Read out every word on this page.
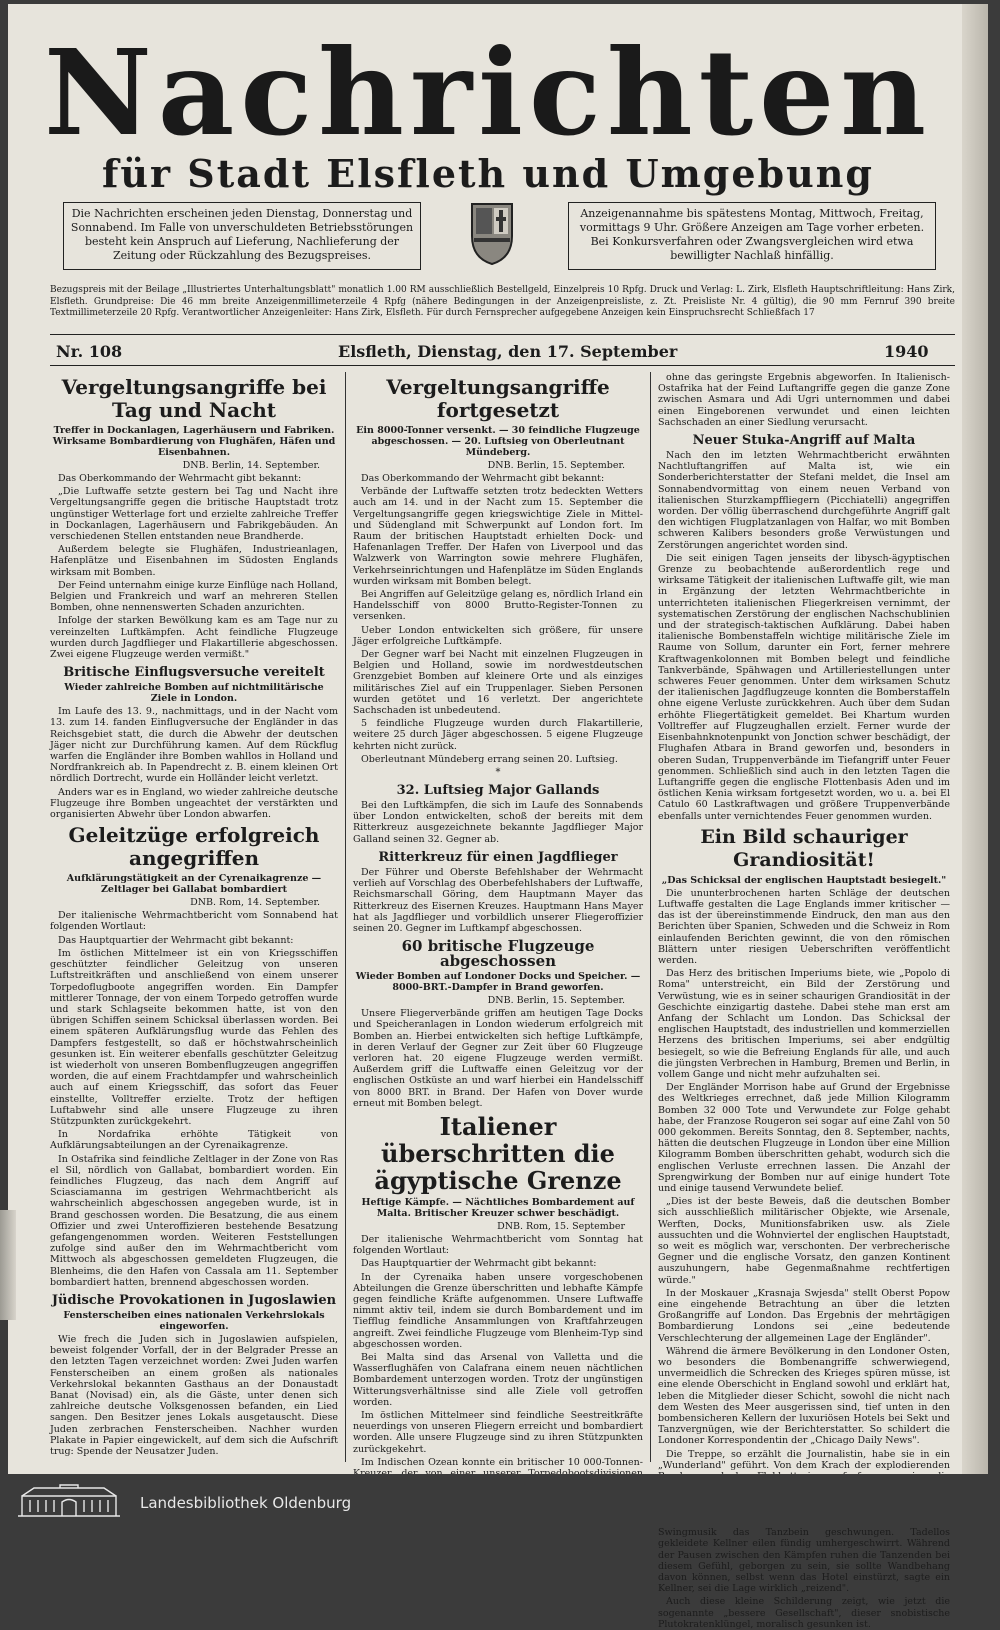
Nachrichten
für Stadt Elsfleth und Umgebung
Die Nachrichten erscheinen jeden Dienstag, Donnerstag und Sonnabend. Im Falle von unverschuldeten Betriebsstörungen besteht kein Anspruch auf Lieferung, Nachlieferung der Zeitung oder Rückzahlung des Bezugspreises.
Anzeigenannahme bis spätestens Montag, Mittwoch, Freitag, vormittags 9 Uhr. Größere Anzeigen am Tage vorher erbeten. Bei Konkursverfahren oder Zwangsvergleichen wird etwa bewilligter Nachlaß hinfällig.
Bezugspreis mit der Beilage „Illustriertes Unterhaltungsblatt" monatlich 1.00 RM ausschließlich Bestellgeld, Einzelpreis 10 Rpfg. Druck und Verlag: L. Zirk, Elsfleth Hauptschriftleitung: Hans Zirk, Elsfleth. Grundpreise: Die 46 mm breite Anzeigenmillimeterzeile 4 Rpfg (nähere Bedingungen in der Anzeigenpreisliste, z. Zt. Preisliste Nr. 4 gültig), die 90 mm Fernruf 390 breite Textmillimeterzeile 20 Rpfg. Verantwortlicher Anzeigenleiter: Hans Zirk, Elsfleth. Für durch Fernsprecher aufgegebene Anzeigen kein Einspruchsrecht Schließfach 17
Nr. 108	Elsfleth, Dienstag, den 17. September	1940
Vergeltungsangriffe bei Tag und Nacht
Treffer in Dockanlagen, Lagerhäusern und Fabriken. Wirksame Bombardierung von Flughäfen, Häfen und Eisenbahnen.
DNB. Berlin, 14. September.

Das Oberkommando der Wehrmacht gibt bekannt:

„Die Luftwaffe setzte gestern bei Tag und Nacht ihre Vergeltungsangriffe gegen die britische Hauptstadt trotz ungünstiger Wetterlage fort und erzielte zahlreiche Treffer in Dockanlagen, Lagerhäusern und Fabrikgebäuden. An verschiedenen Stellen entstanden neue Brandherde.

Außerdem belegte sie Flughäfen, Industrieanlagen, Hafenplätze und Eisenbahnen im Südosten Englands wirksam mit Bomben.

Der Feind unternahm einige kurze Einflüge nach Holland, Belgien und Frankreich und warf an mehreren Stellen Bomben, ohne nennenswerten Schaden anzurichten.

Infolge der starken Bewölkung kam es am Tage nur zu vereinzelten Luftkämpfen. Acht feindliche Flugzeuge wurden durch Jagdflieger und Flakartillerie abgeschossen. Zwei eigene Flugzeuge werden vermißt."

Britische Einflugsversuche vereitelt
Wieder zahlreiche Bomben auf nichtmilitärische Ziele in London.

Im Laufe des 13. 9., nachmittags, und in der Nacht vom 13. zum 14. fanden Einflugversuche der Engländer in das Reichsgebiet statt, die durch die Abwehr der deutschen Jäger nicht zur Durchführung kamen. Auf dem Rückflug warfen die Engländer ihre Bomben wahllos in Holland und Nordfrankreich ab. In Papendrecht z. B. einem kleinen Ort nördlich Dortrecht, wurde ein Holländer leicht verletzt.

Anders war es in England, wo wieder zahlreiche deutsche Flugzeuge ihre Bomben ungeachtet der verstärkten und organisierten Abwehr über London abwarfen.

Geleitzüge erfolgreich angegriffen
Aufklärungstätigkeit an der Cyrenaikagrenze — Zeltlager bei Gallabat bombardiert
DNB. Rom, 14. September.

Der italienische Wehrmachtbericht vom Sonnabend hat folgenden Wortlaut:

Das Hauptquartier der Wehrmacht gibt bekannt:

Im östlichen Mittelmeer ist ein von Kriegsschiffen geschützter feindlicher Geleitzug von unseren Luftstreitkräften und anschließend von einem unserer Torpedoflugboote angegriffen worden. Ein Dampfer mittlerer Tonnage, der von einem Torpedo getroffen wurde und stark Schlagseite bekommen hatte, ist von den übrigen Schiffen seinem Schicksal überlassen worden. Bei einem späteren Aufklärungsflug wurde das Fehlen des Dampfers festgestellt, so daß er höchstwahrscheinlich gesunken ist. Ein weiterer ebenfalls geschützter Geleitzug ist wiederholt von unseren Bombenflugzeugen angegriffen worden, die auf einem Frachtdampfer und wahrscheinlich auch auf einem Kriegsschiff, das sofort das Feuer einstellte, Volltreffer erzielte. Trotz der heftigen Luftabwehr sind alle unsere Flugzeuge zu ihren Stützpunkten zurückgekehrt.

In Nordafrika erhöhte Tätigkeit von Aufklärungsabteilungen an der Cyrenaikagrenze.

In Ostafrika sind feindliche Zeltlager in der Zone von Ras el Sil, nördlich von Gallabat, bombardiert worden. Ein feindliches Flugzeug, das nach dem Angriff auf Sciasciamanna im gestrigen Wehrmachtbericht als wahrscheinlich abgeschossen angegeben wurde, ist in Brand geschossen worden. Die Besatzung, die aus einem Offizier und zwei Unteroffizieren bestehende Besatzung gefangengenommen worden. Weiteren Feststellungen zufolge sind außer den im Wehrmachtbericht vom Mittwoch als abgeschossen gemeldeten Flugzeugen, die Blenheims, die den Hafen von Cassala am 11. September bombardiert hatten, brennend abgeschossen worden.

Jüdische Provokationen in Jugoslawien
Fensterscheiben eines nationalen Verkehrslokals eingeworfen.

Wie frech die Juden sich in Jugoslawien aufspielen, beweist folgender Vorfall, der in der Belgrader Presse an den letzten Tagen verzeichnet worden: Zwei Juden warfen Fensterscheiben an einem großen als nationales Verkehrslokal bekannten Gasthaus an der Donaustadt Banat (Novisad) ein, als die Gäste, unter denen sich zahlreiche deutsche Volksgenossen befanden, ein Lied sangen. Den Besitzer jenes Lokals ausgetauscht. Diese Juden zerbrachen Fensterscheiben. Nachher wurden Plakate in Papier eingewickelt, auf dem sich die Aufschrift trug: Spende der Neusatzer Juden.

Vergeltungsangriffe fortgesetzt
Ein 8000-Tonner versenkt. — 30 feindliche Flugzeuge abgeschossen. — 20. Luftsieg von Oberleutnant Mündeberg.
DNB. Berlin, 15. September.

Das Oberkommando der Wehrmacht gibt bekannt:

Verbände der Luftwaffe setzten trotz bedeckten Wetters auch am 14. und in der Nacht zum 15. September die Vergeltungsangriffe gegen kriegswichtige Ziele in Mittel- und Südengland mit Schwerpunkt auf London fort. Im Raum der britischen Hauptstadt erhielten Dock- und Hafenanlagen Treffer. Der Hafen von Liverpool und das Walzwerk von Warrington sowie mehrere Flughäfen, Verkehrseinrichtungen und Hafenplätze im Süden Englands wurden wirksam mit Bomben belegt.

Bei Angriffen auf Geleitzüge gelang es, nördlich Irland ein Handelsschiff von 8000 Brutto-Register-Tonnen zu versenken.

Ueber London entwickelten sich größere, für unsere Jäger erfolgreiche Luftkämpfe.

Der Gegner warf bei Nacht mit einzelnen Flugzeugen in Belgien und Holland, sowie im nordwestdeutschen Grenzgebiet Bomben auf kleinere Orte und als einziges militärisches Ziel auf ein Truppenlager. Sieben Personen wurden getötet und 16 verletzt. Der angerichtete Sachschaden ist unbedeutend.

5 feindliche Flugzeuge wurden durch Flakartillerie, weitere 25 durch Jäger abgeschossen. 5 eigene Flugzeuge kehrten nicht zurück.

Oberleutnant Mündeberg errang seinen 20. Luftsieg.

*
32. Luftsieg Major Gallands

Bei den Luftkämpfen, die sich im Laufe des Sonnabends über London entwickelten, schoß der bereits mit dem Ritterkreuz ausgezeichnete bekannte Jagdflieger Major Galland seinen 32. Gegner ab.

Ritterkreuz für einen Jagdflieger

Der Führer und Oberste Befehlshaber der Wehrmacht verlieh auf Vorschlag des Oberbefehlshabers der Luftwaffe, Reichsmarschall Göring, dem Hauptmann Mayer das Ritterkreuz des Eisernen Kreuzes. Hauptmann Hans Mayer hat als Jagdflieger und vorbildlich unserer Fliegeroffizier seinen 20. Gegner im Luftkampf abgeschossen.

60 britische Flugzeuge abgeschossen
Wieder Bomben auf Londoner Docks und Speicher. — 8000-BRT.-Dampfer in Brand geworfen.
DNB. Berlin, 15. September.

Unsere Fliegerverbände griffen am heutigen Tage Docks und Speicheranlagen in London wiederum erfolgreich mit Bomben an. Hierbei entwickelten sich heftige Luftkämpfe, in deren Verlauf der Gegner zur Zeit über 60 Flugzeuge verloren hat. 20 eigene Flugzeuge werden vermißt. Außerdem griff die Luftwaffe einen Geleitzug vor der englischen Ostküste an und warf hierbei ein Handelsschiff von 8000 BRT. in Brand. Der Hafen von Dover wurde erneut mit Bomben belegt.

Italiener überschritten die ägyptische Grenze
Heftige Kämpfe. — Nächtliches Bombardement auf Malta. Britischer Kreuzer schwer beschädigt.
DNB. Rom, 15. September

Der italienische Wehrmachtbericht vom Sonntag hat folgenden Wortlaut:

Das Hauptquartier der Wehrmacht gibt bekannt:

In der Cyrenaika haben unsere vorgeschobenen Abteilungen die Grenze überschritten und lebhafte Kämpfe gegen feindliche Kräfte aufgenommen. Unsere Luftwaffe nimmt aktiv teil, indem sie durch Bombardement und im Tiefflug feindliche Ansammlungen von Kraftfahrzeugen angreift. Zwei feindliche Flugzeuge vom Blenheim-Typ sind abgeschossen worden.

Bei Malta sind das Arsenal von Valletta und die Wasserflughäfen von Calafrana einem neuen nächtlichen Bombardement unterzogen worden. Trotz der ungünstigen Witterungsverhältnisse sind alle Ziele voll getroffen worden.

Im östlichen Mittelmeer sind feindliche Seestreitkräfte neuerdings von unseren Fliegern erreicht und bombardiert worden. Alle unsere Flugzeuge sind zu ihren Stützpunkten zurückgekehrt.

Im Indischen Ozean konnte ein britischer 10 000-Tonnen-

ohne das geringste Ergebnis abgeworfen. In Italienisch-Ostafrika hat der Feind Luftangriffe gegen die ganze Zone zwischen Asmara und Adi Ugri unternommen und dabei einen Eingeborenen verwundet und einen leichten Sachschaden an einer Siedlung verursacht.

Neuer Stuka-Angriff auf Malta

Nach den im letzten Wehrmachtbericht erwähnten Nachtluftangriffen auf Malta ist, wie ein Sonderberichterstatter der Stefani meldet, die Insel am Sonnabendvormittag von einem neuen Verband von italienischen Sturzkampffliegern (Picchiatelli) angegriffen worden. Der völlig überraschend durchgeführte Angriff galt den wichtigen Flugplatzanlagen von Halfar, wo mit Bomben schweren Kalibers besonders große Verwüstungen und Zerstörungen angerichtet worden sind.

Die seit einigen Tagen jenseits der libysch-ägyptischen Grenze zu beobachtende außerordentlich rege und wirksame Tätigkeit der italienischen Luftwaffe gilt, wie man in Ergänzung der letzten Wehrmachtberichte in unterrichteten italienischen Fliegerkreisen vernimmt, der systematischen Zerstörung der englischen Nachschublinien und der strategisch-taktischen Aufklärung. Dabei haben italienische Bombenstaffeln wichtige militärische Ziele im Raume von Sollum, darunter ein Fort, ferner mehrere Kraftwagenkolonnen mit Bomben belegt und feindliche Tankverbände, Spähwagen und Artilleriestellungen unter schweres Feuer genommen. Unter dem wirksamen Schutz der italienischen Jagdflugzeuge konnten die Bomberstaffeln ohne eigene Verluste zurückkehren. Auch über dem Sudan erhöhte Fliegertätigkeit gemeldet. Bei Khartum wurden Volltreffer auf Flugzeughallen erzielt. Ferner wurde der Eisenbahnknotenpunkt von Jonction schwer beschädigt, der Flughafen Atbara in Brand geworfen und, besonders in oberen Sudan, Truppenverbände im Tiefangriff unter Feuer genommen. Schließlich sind auch in den letzten Tagen die Luftangriffe gegen die englische Flottenbasis Aden und im östlichen Kenia wirksam fortgesetzt worden, wo u. a. bei El Catulo 60 Lastkraftwagen und größere Truppenverbände ebenfalls unter vernichtendes Feuer genommen wurden.

Ein Bild schauriger Grandiosität!
„Das Schicksal der englischen Hauptstadt besiegelt."

Die ununterbrochenen harten Schläge der deutschen Luftwaffe gestalten die Lage Englands immer kritischer — das ist der übereinstimmende Eindruck, den man aus den Berichten über Spanien, Schweden und die Schweiz in Rom einlaufenden Berichten gewinnt, die von den römischen Blättern unter riesigen Ueberschriften veröffentlicht werden.

Das Herz des britischen Imperiums biete, wie „Popolo di Roma" unterstreicht, ein Bild der Zerstörung und Verwüstung, wie es in seiner schaurigen Grandiosität in der Geschichte einzigartig dastehe. Dabei stehe man erst am Anfang der Schlacht um London. Das Schicksal der englischen Hauptstadt, des industriellen und kommerziellen Herzens des britischen Imperiums, sei aber endgültig besiegelt, so wie die Befreiung Englands für alle, und auch die jüngsten Verbrechen in Hamburg, Bremen und Berlin, in vollem Gange und nicht mehr aufzuhalten sei.

Der Engländer Morrison habe auf Grund der Ergebnisse des Weltkrieges errechnet, daß jede Million Kilogramm Bomben 32 000 Tote und Verwundete zur Folge gehabt habe, der Franzose Rougeron sei sogar auf eine Zahl von 50 000 gekommen. Bereits Sonntag, den 8. September, nachts, hätten die deutschen Flugzeuge in London über eine Million Kilogramm Bomben überschritten gehabt, wodurch sich die englischen Verluste errechnen lassen. Die Anzahl der Sprengwirkung der Bomben nur auf einige hundert Tote und einige tausend Verwundete belief.

„Dies ist der beste Beweis, daß die deutschen Bomber sich ausschließlich militärischer Objekte, wie Arsenale, Werften, Docks, Munitionsfabriken usw. als Ziele aussuchten und die Wohnviertel der englischen Hauptstadt, so weit es möglich war, verschonten. Der verbrecherische Gegner und die englische Vorsatz, den ganzen Kontinent auszuhungern, habe Gegenmaßnahme rechtfertigen würde."

In der Moskauer „Krasnaja Swjesda" stellt Oberst Popow eine eingehende Betrachtung an über die letzten Großangriffe auf London. Das Ergebnis der mehrtägigen Bombardierung Londons sei „eine bedeutende Verschlechterung der allgemeinen Lage der Engländer".

Während die ärmere Bevölkerung in den Londoner Osten, wo besonders die Bombenangriffe schwerwiegend, unvermeidlich die Schrecken des Krieges spüren müsse, ist eine elende Oberschicht in England sowohl und erklärt hat, leben die Mitglieder dieser Schicht, sowohl die nicht nach dem Westen des Meer ausgerissen sind, tief unten in den bombensicheren Kellern der luxuriösen Hotels bei Sekt und Tanzvergnügen, wie der Berichterstatter. So schildert die Londoner Korrespondentin der „Chicago Daily News".

Die Treppe, so erzählt die Journalistin, habe sie in ein „Wunderland" geführt. Von dem Krach der explodierenden Swingmusik das Tanzbein geschwungen. Tadellos gekleidete Kellner eilen fündig umhergeschwirrt. Während der Pausen zwischen den Kämpfen ruhen die Tanzenden bei diesem Gefühl, geborgen zu sein, sie sollte Wandbehang davon können, selbst wenn das Hotel einstürzt, sagte ein Kellner, sei die Lage wirklich „reizend".

Auch diese kleine Schilderung zeigt, wie jetzt die sogenannte „bessere Gesellschaft", dieser snobistische Plutokratenklüngel, moralisch gesunken ist.

Landesbibliothek Oldenburg
